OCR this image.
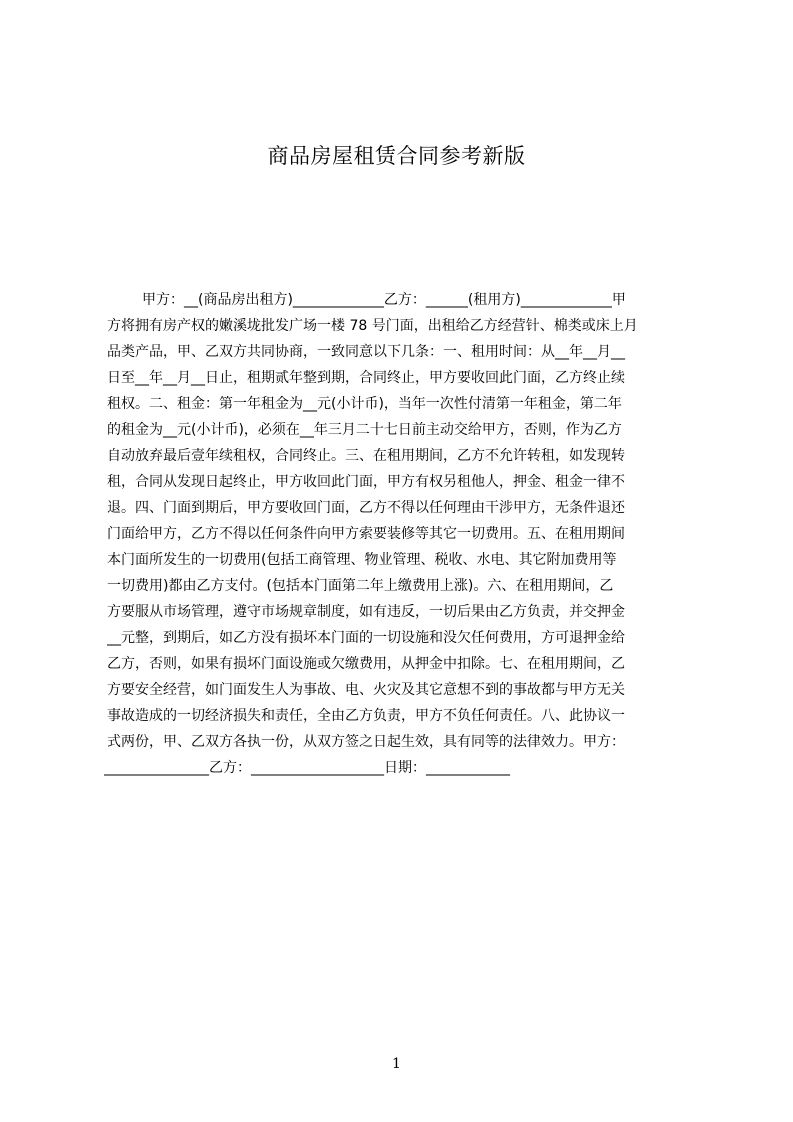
商品房屋租赁合同参考新版
甲方：__(商品房出租方)_____________乙方：______(租用方)_____________甲
方将拥有房产权的嫩溪垅批发广场一楼 78 号门面，出租给乙方经营针、棉类或床上月
品类产品，甲、乙双方共同协商，一致同意以下几条：一、租用时间：从__年__月__
日至__年__月__日止，租期贰年整到期，合同终止，甲方要收回此门面，乙方终止续
租权。二、租金：第一年租金为__元(小计币)，当年一次性付清第一年租金，第二年
的租金为__元(小计币)，必须在__年三月二十七日前主动交给甲方，否则，作为乙方
自动放弃最后壹年续租权，合同终止。三、在租用期间，乙方不允许转租，如发现转
租，合同从发现日起终止，甲方收回此门面，甲方有权另租他人，押金、租金一律不
退。四、门面到期后，甲方要收回门面，乙方不得以任何理由干涉甲方，无条件退还
门面给甲方，乙方不得以任何条件向甲方索要装修等其它一切费用。五、在租用期间
本门面所发生的一切费用(包括工商管理、物业管理、税收、水电、其它附加费用等
一切费用)都由乙方支付。(包括本门面第二年上缴费用上涨)。六、在租用期间，乙
方要服从市场管理，遵守市场规章制度，如有违反，一切后果由乙方负责，并交押金
__元整，到期后，如乙方没有损坏本门面的一切设施和没欠任何费用，方可退押金给
乙方，否则，如果有损坏门面设施或欠缴费用，从押金中扣除。七、在租用期间，乙
方要安全经营，如门面发生人为事故、电、火灾及其它意想不到的事故都与甲方无关
事故造成的一切经济损失和责任，全由乙方负责，甲方不负任何责任。八、此协议一
式两份，甲、乙双方各执一份，从双方签之日起生效，具有同等的法律效力。甲方：
_______________乙方：___________________日期：____________
1
